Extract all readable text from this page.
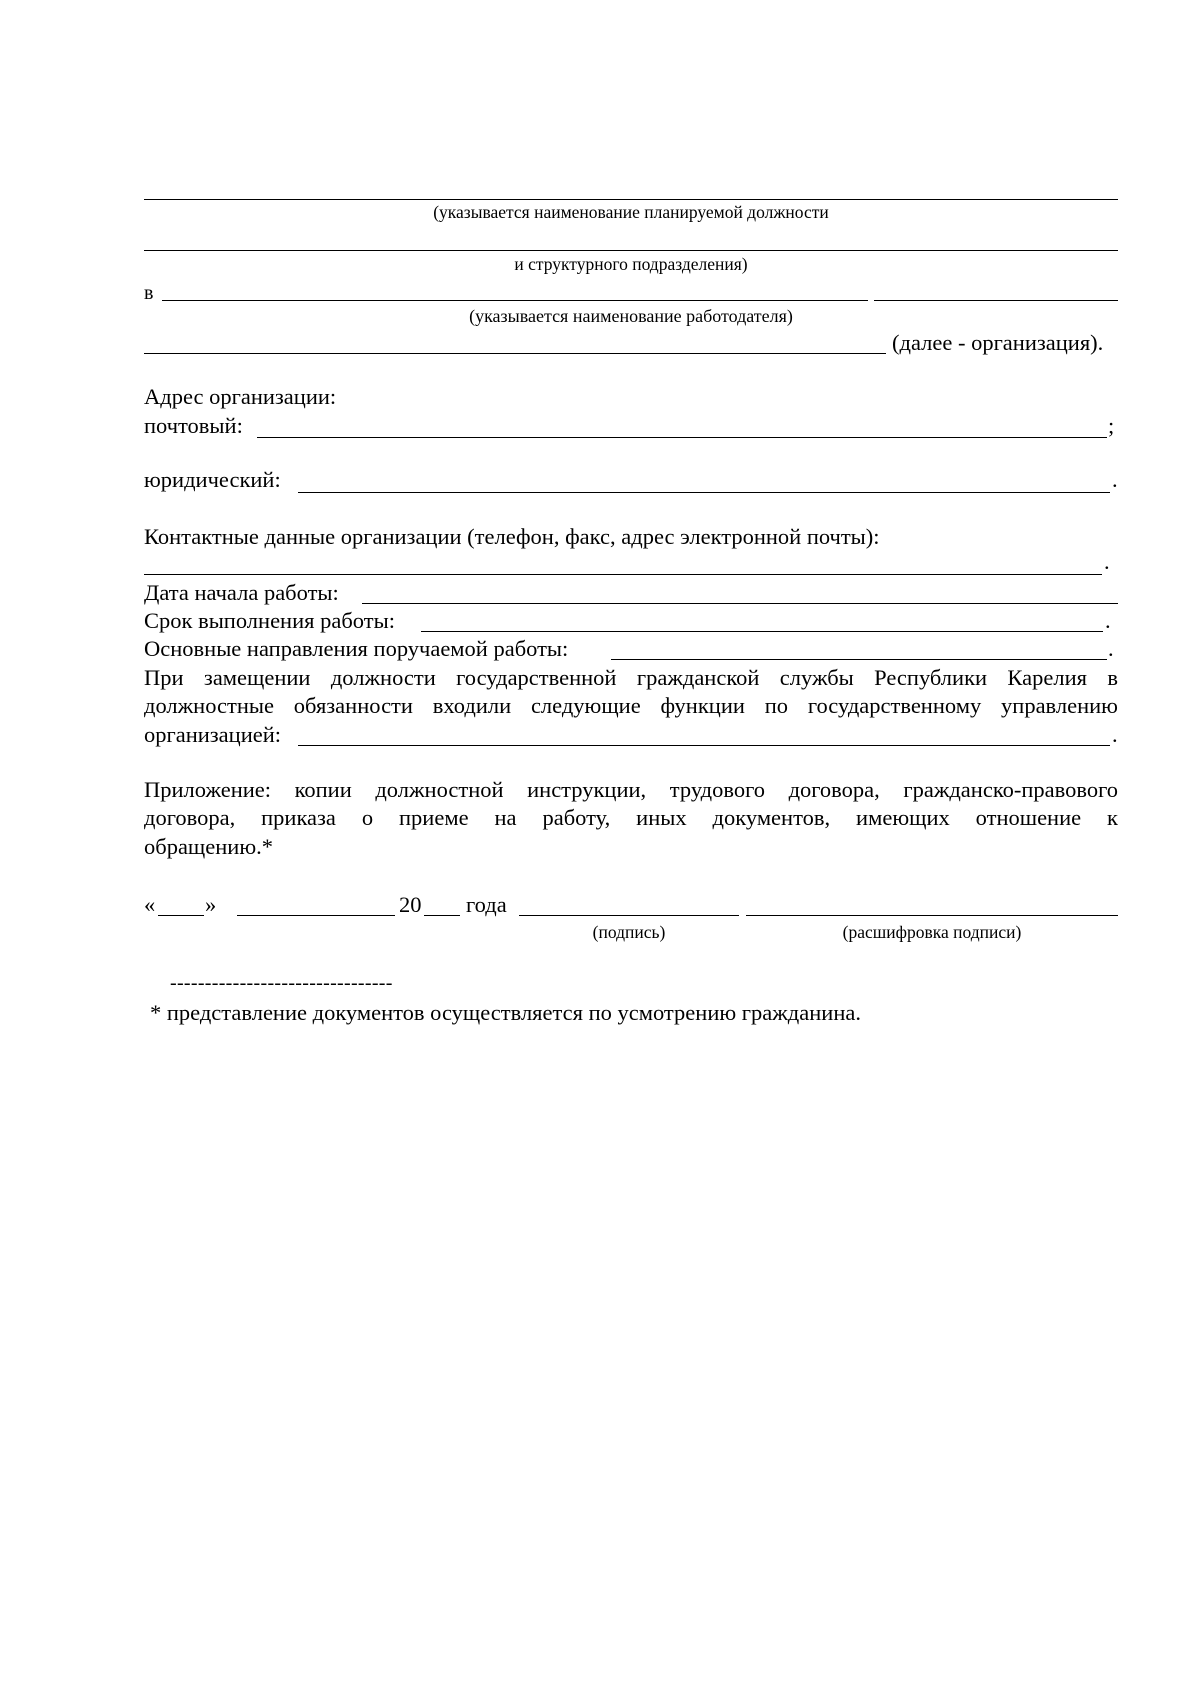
(указывается наименование планируемой должности
и структурного подразделения)
в
(указывается наименование работодателя)
(далее - организация).
Адрес организации:
почтовый:	;
юридический:	.
Контактные данные организации (телефон, факс, адрес электронной почты):
.
Дата начала работы:
Срок выполнения работы:	.
Основные направления поручаемой работы:	.
При замещении должности государственной гражданской службы Республики Карелия в
должностные обязанности входили следующие функции по государственному управлению
организацией:	.
Приложение: копии должностной инструкции, трудового договора, гражданско-правового
договора, приказа о приеме на работу, иных документов, имеющих отношение к
обращению.*
« »	20 года
(подпись)	(расшифровка подписи)
--------------------------------
* представление документов осуществляется по усмотрению гражданина.
